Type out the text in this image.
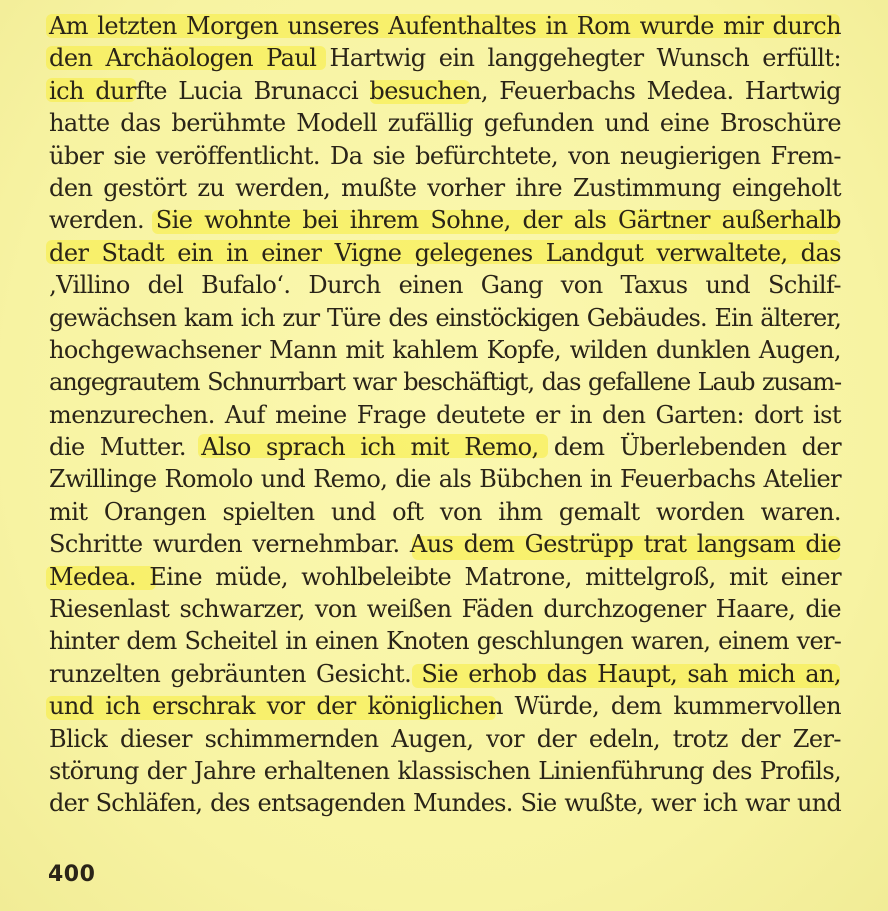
Am letzten Morgen unseres Aufenthaltes in Rom wurde mir durch
den Archäologen Paul Hartwig ein langgehegter Wunsch erfüllt:
ich durfte Lucia Brunacci besuchen, Feuerbachs Medea. Hartwig
hatte das berühmte Modell zufällig gefunden und eine Broschüre
über sie veröffentlicht. Da sie befürchtete, von neugierigen Frem-
den gestört zu werden, mußte vorher ihre Zustimmung eingeholt
werden. Sie wohnte bei ihrem Sohne, der als Gärtner außerhalb
der Stadt ein in einer Vigne gelegenes Landgut verwaltete, das
‚Villino del Bufalo‘. Durch einen Gang von Taxus und Schilf-
gewächsen kam ich zur Türe des einstöckigen Gebäudes. Ein älterer,
hochgewachsener Mann mit kahlem Kopfe, wilden dunklen Augen,
angegrautem Schnurrbart war beschäftigt, das gefallene Laub zusam-
menzurechen. Auf meine Frage deutete er in den Garten: dort ist
die Mutter. Also sprach ich mit Remo, dem Überlebenden der
Zwillinge Romolo und Remo, die als Bübchen in Feuerbachs Atelier
mit Orangen spielten und oft von ihm gemalt worden waren.
Schritte wurden vernehmbar. Aus dem Gestrüpp trat langsam die
Medea. Eine müde, wohlbeleibte Matrone, mittelgroß, mit einer
Riesenlast schwarzer, von weißen Fäden durchzogener Haare, die
hinter dem Scheitel in einen Knoten geschlungen waren, einem ver-
runzelten gebräunten Gesicht. Sie erhob das Haupt, sah mich an,
und ich erschrak vor der königlichen Würde, dem kummervollen
Blick dieser schimmernden Augen, vor der edeln, trotz der Zer-
störung der Jahre erhaltenen klassischen Linienführung des Profils,
der Schläfen, des entsagenden Mundes. Sie wußte, wer ich war und
400
